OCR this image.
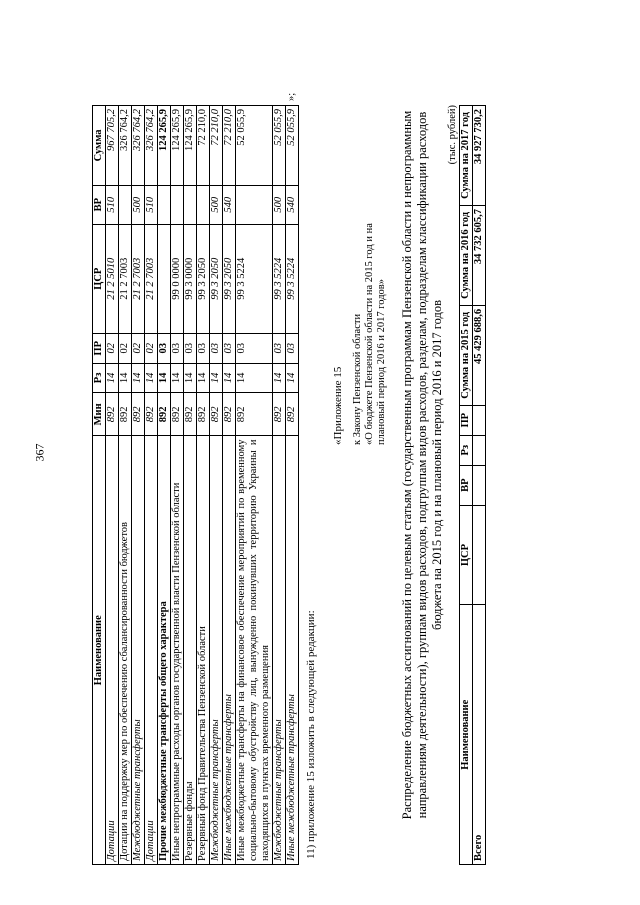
367
Наименование	Мин	Рз	ПР	ЦСР	ВР	Сумма
Дотации	892	14	02	21 2 5010	510	967 705,2
Дотации на поддержку мер по обеспечению сбалансированности бюджетов	892	14	02	21 2 7003		326 764,2
Межбюджетные трансферты	892	14	02	21 2 7003	500	326 764,2
Дотации	892	14	02	21 2 7003	510	326 764,2
Прочие межбюджетные трансферты общего характера	892	14	03			124 265,9
Иные непрограммные расходы органов государственной власти Пензенской области	892	14	03	99 0 0000		124 265,9
Резервные фонды	892	14	03	99 3 0000		124 265,9
Резервный фонд Правительства Пензенской области	892	14	03	99 3 2050		72 210,0
Межбюджетные трансферты	892	14	03	99 3 2050	500	72 210,0
Иные межбюджетные трансферты	892	14	03	99 3 2050	540	72 210,0
Иные межбюджетные трансферты на финансовое обеспечение мероприятий по временному социально-бытовому обустройству лиц, вынужденно покинувших территорию Украины и находящихся в пунктах временного размещения	892	14	03	99 3 5224		52 055,9
Межбюджетные трансферты	892	14	03	99 3 5224	500	52 055,9
Иные межбюджетные трансферты	892	14	03	99 3 5224	540	52 055,9
»;
11) приложение 15 изложить в следующей редакции:
«Приложение 15 к Закону Пензенской области «О бюджете Пензенской области на 2015 год и на плановый период 2016 и 2017 годов» Распределение бюджетных ассигнований по целевым статьям (государственным программам Пензенской области и непрограммным направлениям деятельности), группам видов расходов, подгруппам видов расходов, разделам, подразделам классификации расходов бюджета на 2015 год и на плановый период 2016 и 2017 годов
(тыс. рублей)
Наименование	ЦСР	ВР	Рз	ПР	Сумма на 2015 год	Сумма на 2016 год	Сумма на 2017 год
Всего					45 429 688,6	34 732 605,7	34 927 730,2
